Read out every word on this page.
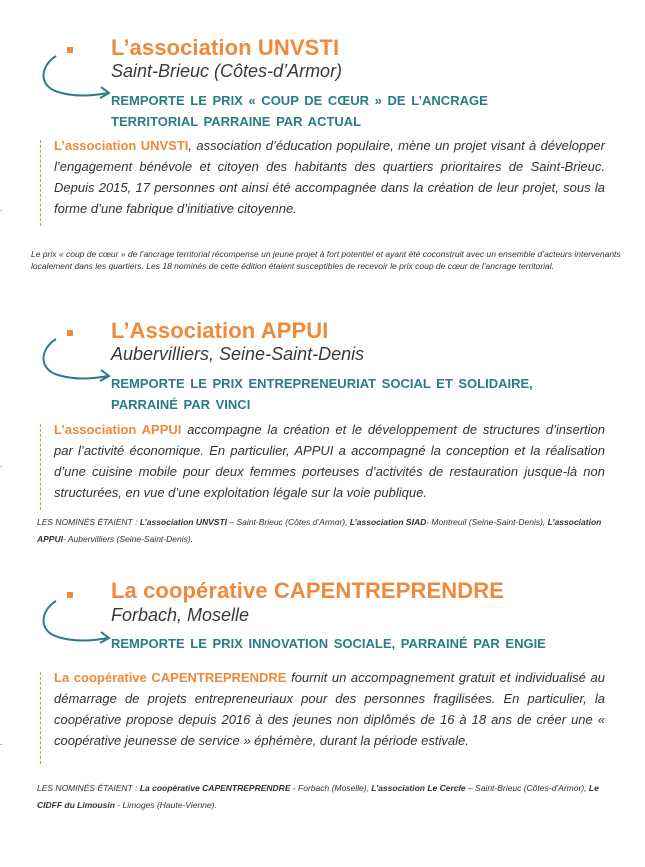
L’association UNVSTI
Saint-Brieuc (Côtes-d’Armor)
REMPORTE LE PRIX « COUP DE CŒUR » DE L’ANCRAGE
TERRITORIAL PARRAINE PAR ACTUAL
L’association UNVSTI, association d’éducation populaire, mène un projet visant à développer l’engagement bénévole et citoyen des habitants des quartiers prioritaires de Saint-Brieuc. Depuis 2015, 17 personnes ont ainsi été accompagnée dans la création de leur projet, sous la forme d’une fabrique d’initiative citoyenne.
Le prix « coup de cœur » de l’ancrage territorial récompense un jeune projet à fort potentiel et ayant été coconstruit avec un ensemble d’acteurs intervenants localement dans les quartiers. Les 18 nominés de cette édition étaient susceptibles de recevoir le prix coup de cœur de l’ancrage territorial.
L’Association APPUI
Aubervilliers, Seine-Saint-Denis
REMPORTE LE PRIX ENTREPRENEURIAT SOCIAL ET SOLIDAIRE,
PARRAINÉ PAR VINCI
L’association APPUI accompagne la création et le développement de structures d’insertion par l’activité économique. En particulier, APPUI a accompagné la conception et la réalisation d’une cuisine mobile pour deux femmes porteuses d’activités de restauration jusque-là non structurées, en vue d’une exploitation légale sur la voie publique.
LES NOMINÉS ÉTAIENT : L’association UNVSTI – Saint-Brieuc (Côtes d’Armor), L’association SIAD- Montreuil (Seine-Saint-Denis), L’association APPUI- Aubervilliers (Seine-Saint-Denis).
La coopérative CAPENTREPRENDRE
Forbach, Moselle
REMPORTE LE PRIX INNOVATION SOCIALE, PARRAINÉ PAR ENGIE
La coopérative CAPENTREPRENDRE fournit un accompagnement gratuit et individualisé au démarrage de projets entrepreneuriaux pour des personnes fragilisées. En particulier, la coopérative propose depuis 2016 à des jeunes non diplômés de 16 à 18 ans de créer une « coopérative jeunesse de service » éphémère, durant la période estivale.
LES NOMINÉS ÉTAIENT : La coopérative CAPENTREPRENDRE - Forbach (Moselle), L’association Le Cercle – Saint-Brieuc (Côtes-d’Armor), Le CIDFF du Limousin - Limoges (Haute-Vienne).
